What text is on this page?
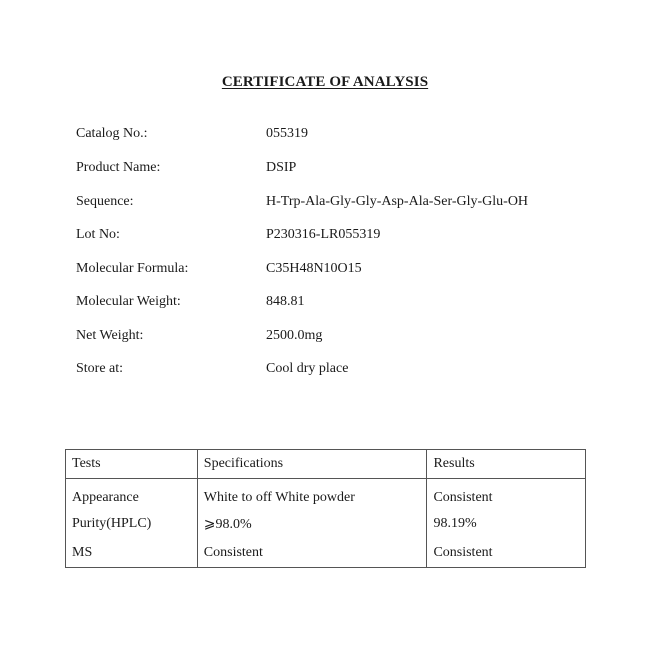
CERTIFICATE OF ANALYSIS
Catalog No.:	055319
Product Name:	DSIP
Sequence:	H-Trp-Ala-Gly-Gly-Asp-Ala-Ser-Gly-Glu-OH
Lot No:	P230316-LR055319
Molecular Formula:	C35H48N10O15
Molecular Weight:	848.81
Net Weight:	2500.0mg
Store at:	Cool dry place
Tests	Specifications	Results
Appearance	White to off White powder	Consistent
Purity(HPLC)	⩾98.0%	98.19%
MS	Consistent	Consistent
